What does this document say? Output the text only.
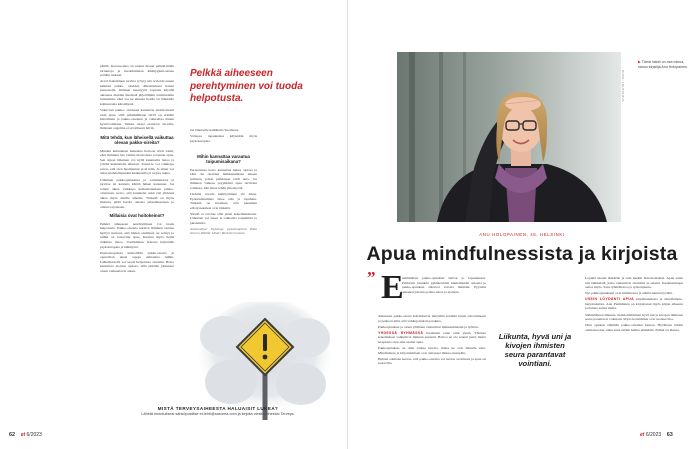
päällä. Korona-aika on saanut monet pelkää-mään tartuntoja ja huolehtimaan käsihygieni-astaan erittäin tarkasti.

Arvot hakeminen tarvitta työyty siis arvioida ennen kaikkea pakko- oireiden aiheuttamaan haitan perusteella. Ihmisen taustiyyni vapaasti käyttää aikaansa muiden mielestä järjettömiin toimintoihin rutiineihin, ellei vat ne aiheuta hoelle tai läheisille kohtuutonta kärsimystä.

Vakavaan pakko- oireiseen kannattaa ehdottomasti etsiä apua, sillä pahimmillaan OCD on erittäin haitallinen ja pakko-oireinen ja vaikeuttaa hänen hyvinvointiaan. Vaikka oireet saattavat ail-tolla, ihmisten ongelma ei tavallisesti häviä.

Mitä tehdä, kun läheisellä vaikuttaa olevan pakko-oireita?

Muiden kehotukset hakeutua hoitoon eivät toimi, ellei ihminen itse valmis motivoitua rotonaan apua. Sen sijaan läheinen voi kyllä kuunnella tietoa ja yrittää keskustella aiheesta. Toisel-le voi vaikkapa sanoa, että olen huomannut et-tä näin. Ja sitten voi antaa mahdollisuuden keskustella ja tarjota tukea.

Läheinen pakkoajatuksista ja -toiminnoista ei tarvitse tai kannata kättää hänen kanssaan. Jos toinen alkaa vaikkapa keskustelemaan pakko-oireistaan, kerro, että kuuntelet sekä etsi yhdessä aikaa myös muille aiheille. Tärkeää on myös muistaa pitää huolta omasta jaksamisestaan ja omista rajoistaan.

Millaisia ovat hoitokeinot?

Pelkkä aiheeseen perehtyminen voi tuoda helpotusta. Pakko-oireista kärsivä ihminen saattaa hyötyä tiedosta, että hänen oireilleen on selitys ja niihin on saatavilla apua. Kuuluu myös tietää tutkittua tietoa. Useimmiten hoitona käytetään psykoterapiaa ja lääkitystä.

Psykoterapiassa käsitellään pakko-oireita ja opetellaan uusia tapoja suhtautua niihin. Lääkehoidolla voi saada helpotusta oireisiin. Hoito kannattaa aloittaa ajoissa, sillä pitkään jatkuneet oireet vaikeuttavat arkea.

Pelkkä aiheeseen perehtyminen voi tuoda helpotusta.

tua läheiselle kaikkialla Suomesta.

Valtaosa tapauksissa käytetään myös psykoterapiaa.

Mihin kannattaa varautua toipumisaikana?

Pertaattessa hoito kannattaa hakea ajoissa ja ellei ole oireiden heikkenemisen aikaan sellaista, johon paikkaiset eivät auta. Jos ihminen vaikeaa psyykkistä apua tarvitaan toimesta, hän alkaa tehdä yhteistyötä.

Uudella tavalla kehittyminen vie aikaa. Epäonnistumisia tulee silti ja tapahtuu. Tärkeää on huomata, että pienetkin edistysaskeleet ovat tärkeitä.

Yksilö ei tarvitse elää yksin kokemuksineen. Läheinen voi tukea ja rohkaista toipumista ja jaksamista.

Asiantuntijat: Psykologi, psykoterapeutti Riitta Soivero-Wikkila. Lähde: Mielenterveystalo.

MISTÄ TERVEYSAIHEESTA HALUAISIT LUKEA?
Lähetä ehdotuksesi sähköpostitse et-lehti@sanoma.com ja kirjoita viestin aiheeksi Terveys.
62 et 6/2023
KUVA: LEHTIKUVA
▶ Tämä häiriö on osa minua, sanoo kirjailija Anu Holopainen.
ANU HOLOPAINEN, 46, HELSINKI
Apua mindfulnessista ja kirjoista
” E

nsimmäiset pakko-ajatukset tulivat jo lapsuudessa. Pelästyin joistakin pyhäkoululla kuulemistani asioista ja pakko-ajatukset alkoivat vaivata mieltäni. Pyytelin anteeksi jokaista pahaa tekoa ja ajatusta.

Aikuisena pakko-oireet kohdistuivat tiettyihin asioihin kuten siivoamiseen ja pelkoon siitä, että vahingoittaisin jotakuta.

Pakkoajatukset ja oireet yllättäen vaikuttivat ihmissuhteisiin ja työhön.

YHDESSÄ RYHMÄSSÄ huomasin etten ollut yksin. Yhteiset kokemukset vaikuttivat minuun suuresti. Hoitoa en ole saanut juuri, mutta terapiasta olen aina saanut apua.

Pakkoajatuksia on ollut vaikea kuvata, mutta ne ovat minulle totta. Mindfulness ja kirjoittaminen ovat auttaneet minua eteenpäin.

Haluan edelleen kertoa, että pakko-oireista voi kertoa avoimesti ja apua on saatavilla.

Liikunta, hyvä uni ja kivojen ihmisten seura parantavat vointiani.

Lopulta menin lääkäriin ja sain itsekin hoitokontaktia. Apua ensin tuli lääkkeistä, jotka vaikuttivat oireisiini ja arkeen. Keskusteluapu auttoi myös. Sain ryhmähoitoa ja työnohjausta.

Nyt pakkoajatukseni ovat hallinnassa ja elämä tuntuu hyvältä.

USEIN LÖYDÄNTI APUA kirjallisuudesta ja mindfulness-harjoituksista. Anu Pietikäinen on kirjoittanut myös kirjan aiheesta ja haluaa auttaa muita.

Säännöllinen liikunta, mahdollisimman hyvä uni ja kivojen ihmisten seura parantavat vointiani. Myös kotieläimet ovat tuoneet iloa.

Olen oppinut elämään pakko-oireiden kanssa. Hyväksyn niiden olemassaolon, enkä anna niiden hallita elämääni. Elämä on ihanaa.

et 6/2023 63
